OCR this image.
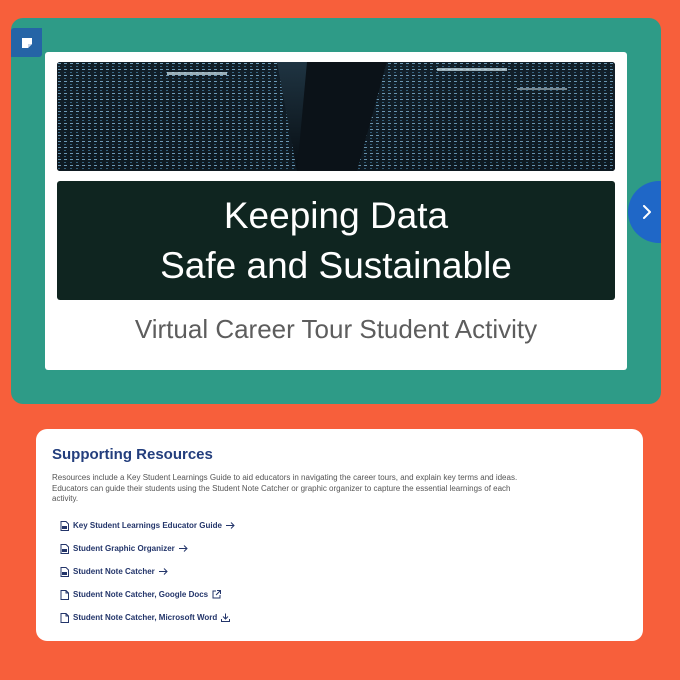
Keeping Data
Safe and Sustainable
Virtual Career Tour Student Activity
Supporting Resources
Resources include a Key Student Learnings Guide to aid educators in navigating the career tours, and explain key terms and ideas. Educators can guide their students using the Student Note Catcher or graphic organizer to capture the essential learnings of each activity.
Key Student Learnings Educator Guide
Student Graphic Organizer
Student Note Catcher
Student Note Catcher, Google Docs
Student Note Catcher, Microsoft Word
